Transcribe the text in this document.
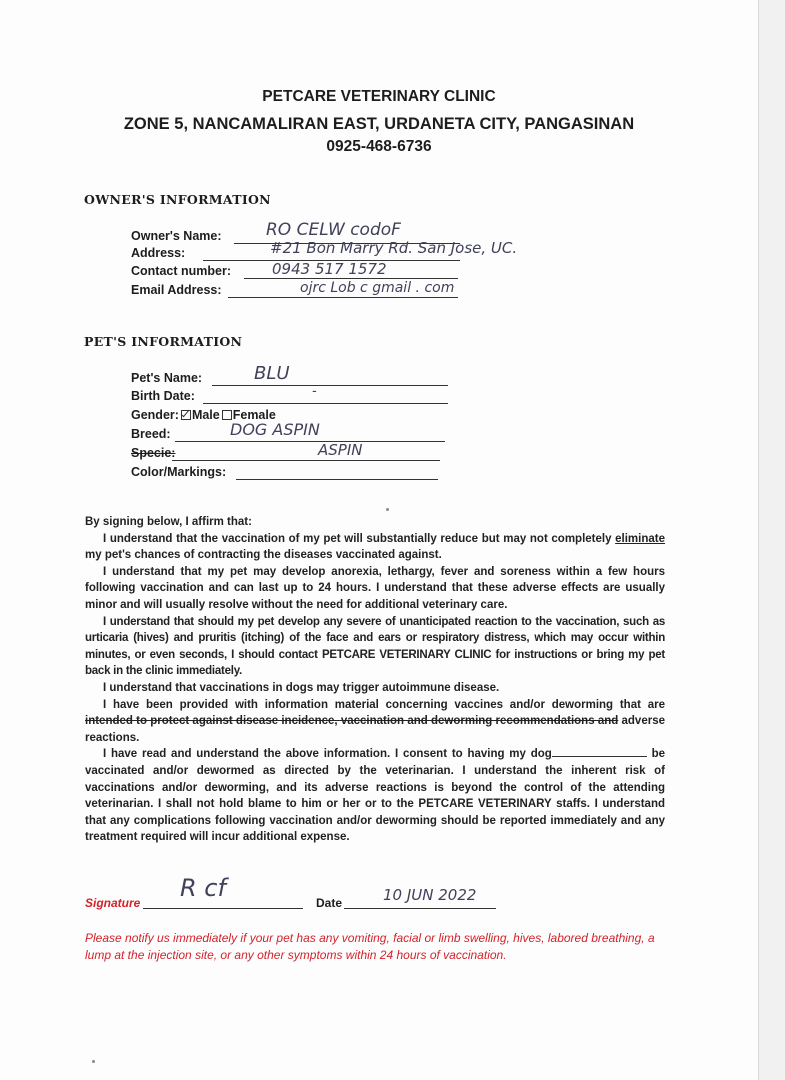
PETCARE VETERINARY CLINIC
ZONE 5, NANCAMALIRAN EAST, URDANETA CITY, PANGASINAN
0925-468-6736
OWNER'S INFORMATION
Owner's Name:	RO CELW codoF
Address:	#21 Bon Marry Rd. San Jose, UC.
Contact number:	0943 517 1572
Email Address:	ojrc Lob c gmail . com
PET'S INFORMATION
Pet's Name:	BLU
Birth Date:	-
Gender: Male Female
Breed:	DOG ASPIN
Specie:	ASPIN
Color/Markings:

By signing below, I affirm that:

I understand that the vaccination of my pet will substantially reduce but may not completely eliminate my pet's chances of contracting the diseases vaccinated against.

I understand that my pet may develop anorexia, lethargy, fever and soreness within a few hours following vaccination and can last up to 24 hours. I understand that these adverse effects are usually minor and will usually resolve without the need for additional veterinary care.

I understand that should my pet develop any severe of unanticipated reaction to the vaccination, such as urticaria (hives) and pruritis (itching) of the face and ears or respiratory distress, which may occur within minutes, or even seconds, I should contact PETCARE VETERINARY CLINIC for instructions or bring my pet back in the clinic immediately.

I understand that vaccinations in dogs may trigger autoimmune disease.

I have been provided with information material concerning vaccines and/or deworming that are intended to protect against disease incidence, vaccination and deworming recommendations and adverse reactions.

I have read and understand the above information. I consent to having my dog	be vaccinated and/or dewormed as directed by the veterinarian. I understand the inherent risk of vaccinations and/or deworming, and its adverse reactions is beyond the control of the attending veterinarian. I shall not hold blame to him or her or to the PETCARE VETERINARY staffs. I understand that any complications following vaccination and/or deworming should be reported immediately and any treatment required will incur additional expense.

Signature
R cf
Date	10 JUN 2022
Please notify us immediately if your pet has any vomiting, facial or limb swelling, hives, labored breathing, a lump at the injection site, or any other symptoms within 24 hours of vaccination.
